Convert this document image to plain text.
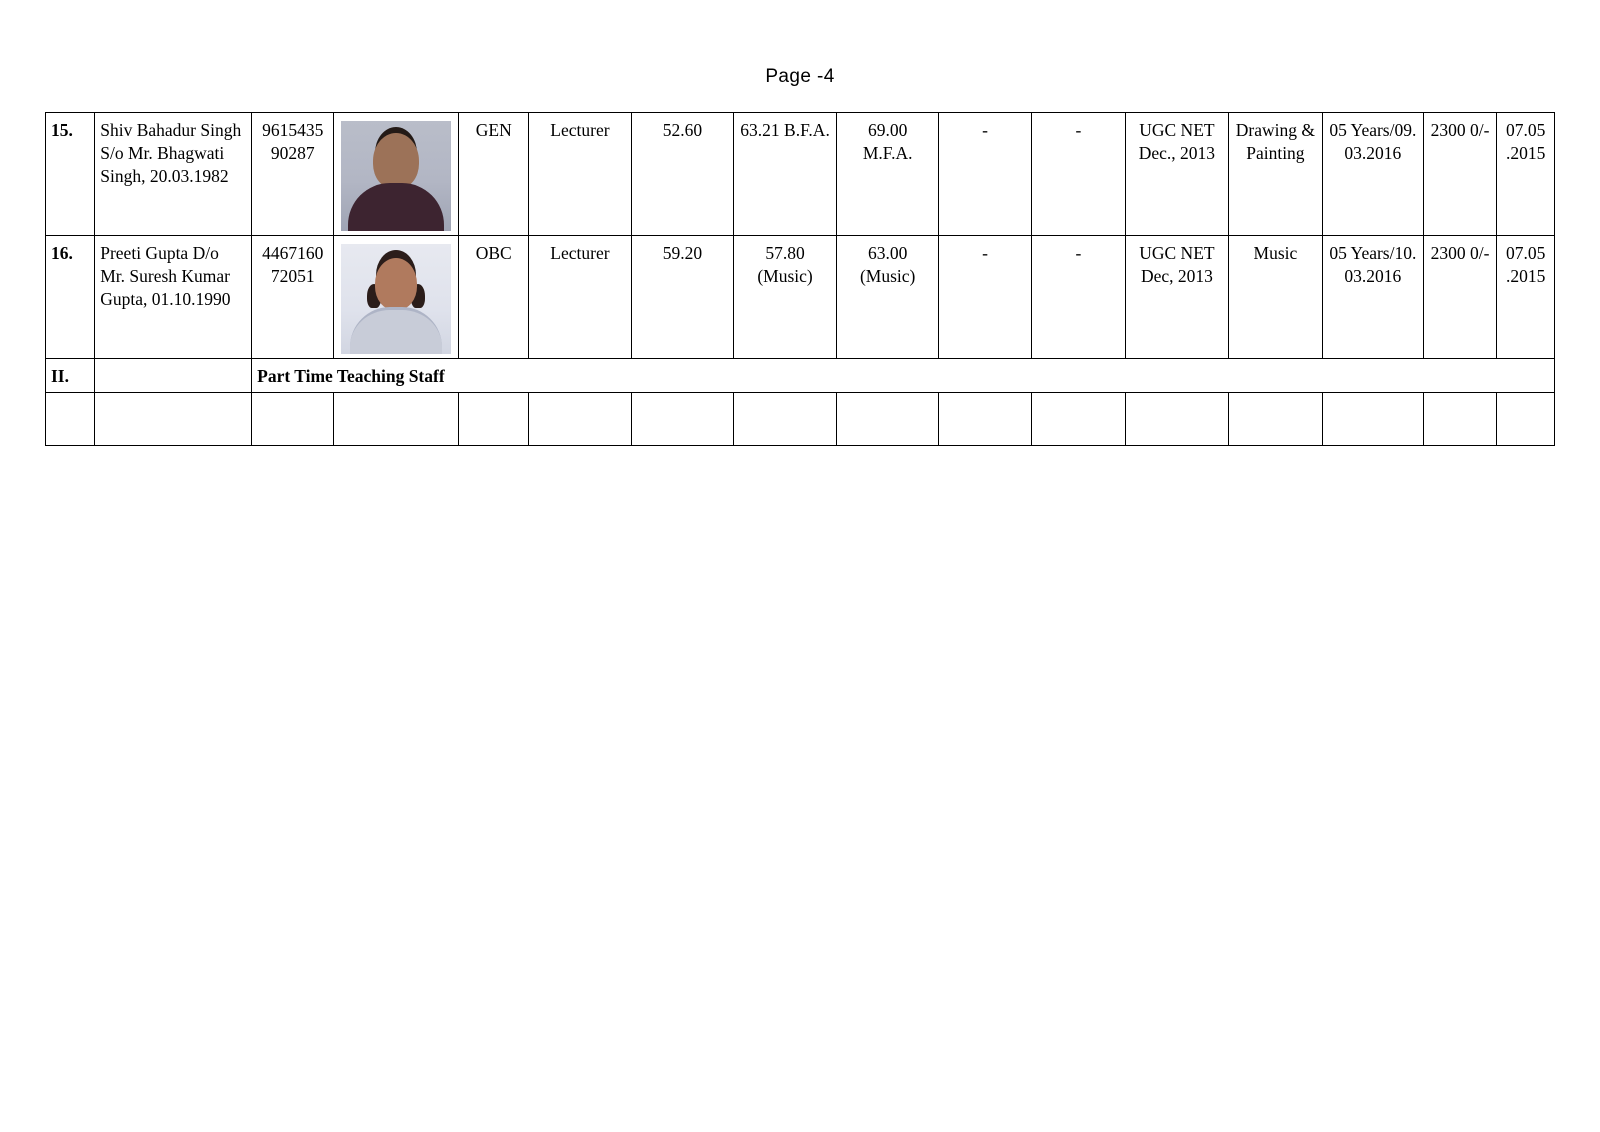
Page -4
15.	Shiv Bahadur Singh S/o Mr. Bhagwati Singh, 20.03.1982	9615435 90287		GEN	Lecturer	52.60	63.21 B.F.A.	69.00 M.F.A.	-	-	UGC NET Dec., 2013	Drawing & Painting	05 Years/09. 03.2016	2300 0/-	07.05 .2015
16.	Preeti Gupta D/o Mr. Suresh Kumar Gupta, 01.10.1990	4467160 72051		OBC	Lecturer	59.20	57.80 (Music)	63.00 (Music)	-	-	UGC NET Dec, 2013	Music	05 Years/10. 03.2016	2300 0/-	07.05 .2015
II.		Part Time Teaching Staff													
